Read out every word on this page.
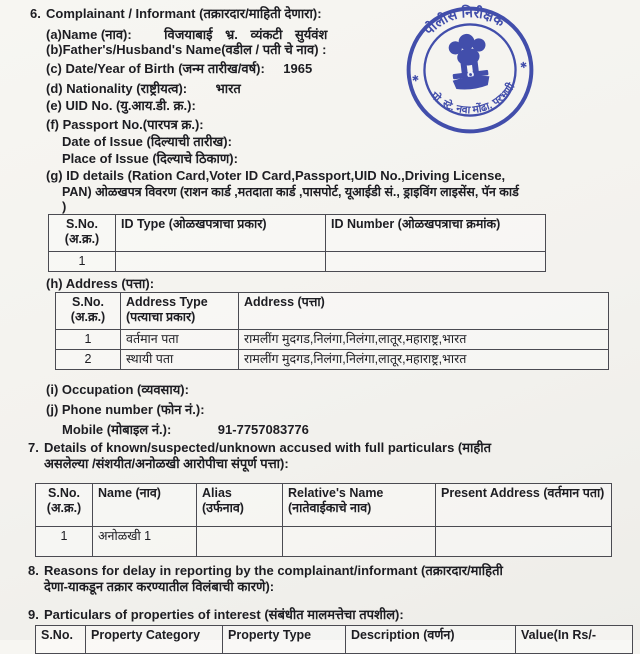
6. Complainant / Informant (तक्रारदार/माहिती देणारा):
(a)Name (नाव): विजयाबाई भ्र. व्यंकटी सुर्यवंश
(b)Father's/Husband's Name(वडील / पती चे नाव) :
(c) Date/Year of Birth (जन्म तारीख/वर्ष): 1965
(d) Nationality (राष्ट्रीयत्व): भारत
(e) UID No. (यु.आय.डी. क्र.):
(f) Passport No.(पारपत्र क्र.):
Date of Issue (दिल्याची तारीख):
Place of Issue (दिल्याचे ठिकाण):
(g) ID details (Ration Card,Voter ID Card,Passport,UID No.,Driving License,
PAN) ओळखपत्र विवरण (राशन कार्ड ,मतदाता कार्ड ,पासपोर्ट, यूआईडी सं., ड्राइविंग लाइसेंस, पॅन कार्ड
)
S.No. (अ.क्र.)	ID Type (ओळखपत्राचा प्रकार)	ID Number (ओळखपत्राचा क्रमांक)
1		
(h) Address (पत्ता):
S.No. (अ.क्र.)	Address Type (पत्याचा प्रकार)	Address (पत्ता)
1	वर्तमान पता	रामलींग मुदगड,निलंगा,निलंगा,लातूर,महाराष्ट्र,भारत
2	स्थायी पता	रामलींग मुदगड,निलंगा,निलंगा,लातूर,महाराष्ट्र,भारत
(i) Occupation (व्यवसाय):
(j) Phone number (फोन नं.):
Mobile (मोबाइल नं.):	91-7757083776
7. Details of known/suspected/unknown accused with full particulars (माहीत
असलेल्या /संशयीत/अनोळखी आरोपीचा संपूर्ण पत्ता):
S.No. (अ.क्र.)	Name (नाव)	Alias (उर्फनाव)	Relative's Name (नातेवाईकाचे नाव)	Present Address (वर्तमान पता)
1	अनोळखी 1			
8. Reasons for delay in reporting by the complainant/informant (तक्रारदार/माहिती
देणा-याकडून तक्रार करण्यातील विलंबाची कारणे):
9. Particulars of properties of interest (संबंधीत मालमत्तेचा तपशील):
S.No.	Property Category	Property Type	Description (वर्णन)	Value(In Rs/-
पोलीस निरीक्षक
पो. स्टे. नवा मोंढा, परभणी
✱
✱
